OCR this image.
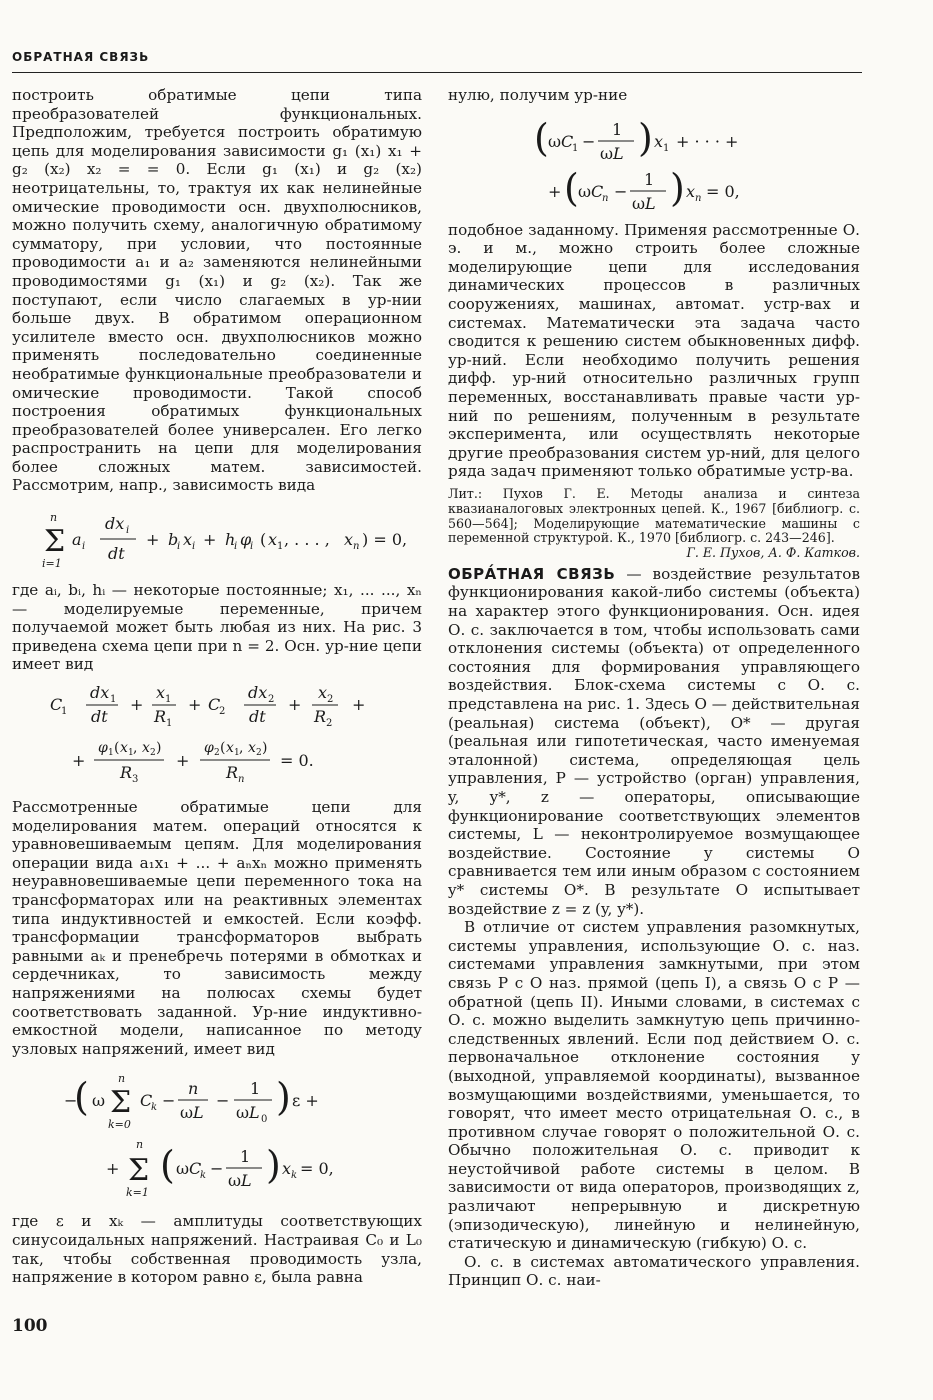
ОБРАТНАЯ СВЯЗЬ

построить обратимые цепи типа преобразователей функциональных. Предположим, требуется построить обратимую цепь для моделирования зависимости g₁ (x₁) x₁ + g₂ (x₂) x₂ = = 0. Если g₁ (x₁) и g₂ (x₂) неотрицательны, то, трактуя их как нелинейные омические проводимости осн. двухполюсников, можно получить схему, аналогичную обратимому сумматору, при условии, что постоянные проводимости a₁ и a₂ заменяются нелинейными проводимостями g₁ (x₁) и g₂ (x₂). Так же поступают, если число слагаемых в ур-нии больше двух. В обратимом операционном усилителе вместо осн. двухполюсников можно применять последовательно соединенные необратимые функциональные преобразователи и омические проводимости. Такой способ построения обратимых функциональных преобразователей более универсален. Его легко распространить на цепи для моделирования более сложных матем. зависимостей. Рассмотрим, напр., зависимость вида

n
Σ
i=1
a i
dx i
dt
+ b
i x i + h
i φ
i ( x 1 , . . . , x n ) = 0,

где aᵢ, bᵢ, hᵢ — некоторые постоянные; x₁, ... ..., xₙ — моделируемые переменные, причем получаемой может быть любая из них. На рис. 3 приведена схема цепи при n = 2. Осн. ур-ние цепи имеет вид

C
1
dx 1
dt
+
x 1
R 1
+ C
2
dx 2
dt
+
x 2
R 2
+
+
φ 1 ( x 1 , x 2 )
R 3
+
φ 2 ( x 1 , x 2 )
R n
= 0.

Рассмотренные обратимые цепи для моделирования матем. операций относятся к уравновешиваемым цепям. Для моделирования операции вида a₁x₁ + ... + aₙxₙ можно применять неуравновешиваемые цепи переменного тока на трансформаторах или на реактивных элементах типа индуктивностей и емкостей. Если коэфф. трансформации трансформаторов выбрать равными aₖ и пренебречь потерями в обмотках и сердечниках, то зависимость между напряжениями на полюсах схемы будет соответствовать заданной. Ур-ние индуктивно-емкостной модели, написанное по методу узловых напряжений, имеет вид

−
( ω
n
Σ
k=0
C
k −
n
ωL
−
1
ωL 0
) ε +
+
n
Σ
k=1
( ωC
k −
1
ωL ) x k = 0,

где ε и xₖ — амплитуды соответствующих синусоидальных напряжений. Настраивая C₀ и L₀ так, чтобы собственная проводимость узла, напряжение в котором равно ε, была равна

нулю, получим ур-ние

( ωC
1 −
1
ωL ) x 1 + · · · +
+ ( ωC
n −
1
ωL ) x n = 0,

подобное заданному. Применяя рассмотренные О. э. и м., можно строить более сложные моделирующие цепи для исследования динамических процессов в различных сооружениях, машинах, автомат. устр-вах и системах. Математически эта задача часто сводится к решению систем обыкновенных дифф. ур-ний. Если необходимо получить решения дифф. ур-ний относительно различных групп переменных, восстанавливать правые части ур-ний по решениям, полученным в результате эксперимента, или осуществлять некоторые другие преобразования систем ур-ний, для целого ряда задач применяют только обратимые устр-ва.

Лит.: Пухов Г. Е. Методы анализа и синтеза квазианалоговых электронных цепей. К., 1967 [библиогр. с. 560—564]; Моделирующие математические машины с переменной структурой. К., 1970 [библиогр. с. 243—246].
Г. Е. Пухов, А. Ф. Катков.

ОБРА́ТНАЯ СВЯЗЬ — воздействие результатов функционирования какой-либо системы (объекта) на характер этого функционирования. Осн. идея О. с. заключается в том, чтобы использовать сами отклонения системы (объекта) от определенного состояния для формирования управляющего воздействия. Блок-схема системы с О. с. представлена на рис. 1. Здесь О — действительная (реальная) система (объект), О* — другая (реальная или гипотетическая, часто именуемая эталонной) система, определяющая цель управления, Р — устройство (орган) управления, y, y*, z — операторы, описывающие функционирование соответствующих элементов системы, L — неконтролируемое возмущающее воздействие. Состояние y системы О сравнивается тем или иным образом с состоянием y* системы О*. В результате О испытывает воздействие z = z (y, y*).

В отличие от систем управления разомкнутых, системы управления, использующие О. с. наз. системами управления замкнутыми, при этом связь Р с О наз. прямой (цепь I), а связь О с Р — обратной (цепь II). Иными словами, в системах с О. с. можно выделить замкнутую цепь причинно-следственных явлений. Если под действием О. с. первоначальное отклонение состояния y (выходной, управляемой координаты), вызванное возмущающими воздействиями, уменьшается, то говорят, что имеет место отрицательная О. с., в противном случае говорят о положительной О. с. Обычно положительная О. с. приводит к неустойчивой работе системы в целом. В зависимости от вида операторов, производящих z, различают непрерывную и дискретную (эпизодическую), линейную и нелинейную, статическую и динамическую (гибкую) О. с.

О. с. в системах автоматического управления. Принцип О. с. наи-

100
